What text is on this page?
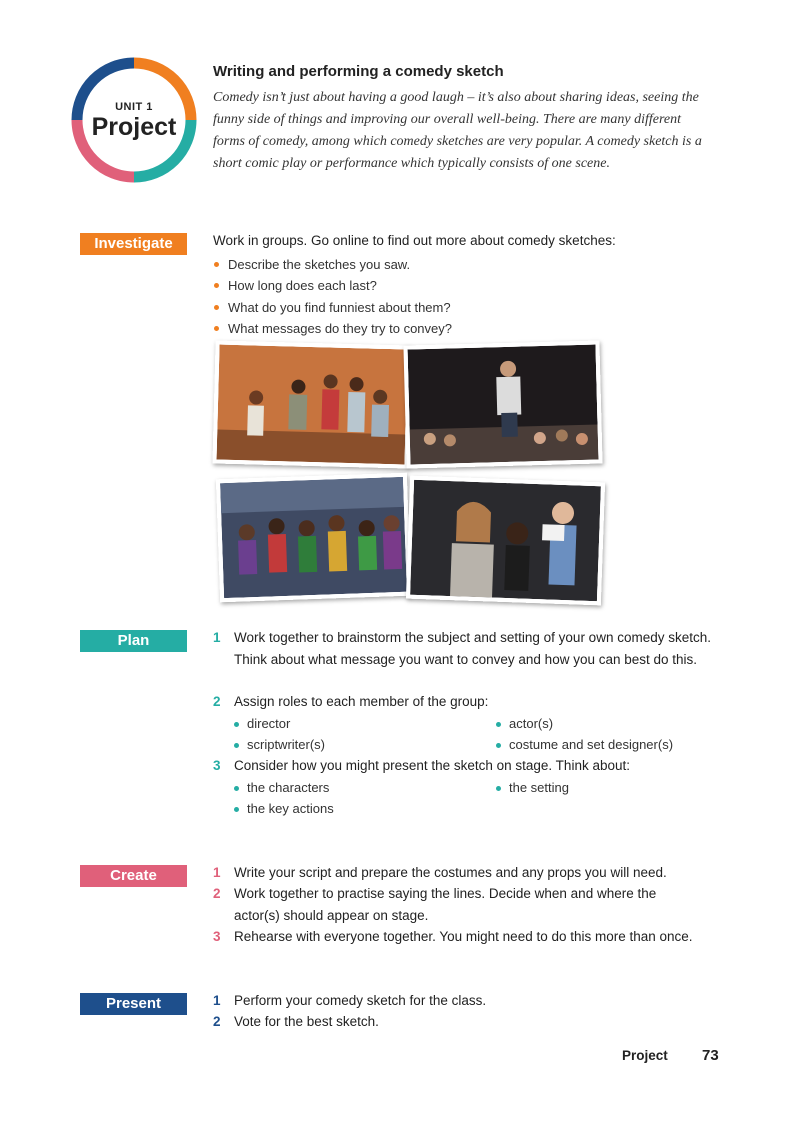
UNIT 1
Project
Writing and performing a comedy sketch
Comedy isn’t just about having a good laugh – it’s also about sharing ideas, seeing the funny side of things and improving our overall well-being. There are many different forms of comedy, among which comedy sketches are very popular. A comedy sketch is a short comic play or performance which typically consists of one scene.
Investigate	Work in groups. Go online to find out more about comedy sketches:
Describe the sketches you saw.
How long does each last?
What do you find funniest about them?
What messages do they try to convey?
Plan	1 Work together to brainstorm the subject and setting of your own comedy sketch. Think about what message you want to convey and how you can best do this.
2 Assign roles to each member of the group:
director	actor(s)
scriptwriter(s)	costume and set designer(s)
3 Consider how you might present the sketch on stage. Think about:
the characters	the setting
the key actions
Create	1 Write your script and prepare the costumes and any props you will need.
2 Work together to practise saying the lines. Decide when and where the actor(s) should appear on stage.
3 Rehearse with everyone together. You might need to do this more than once.
Present	1 Perform your comedy sketch for the class.
2 Vote for the best sketch.
Project 73
